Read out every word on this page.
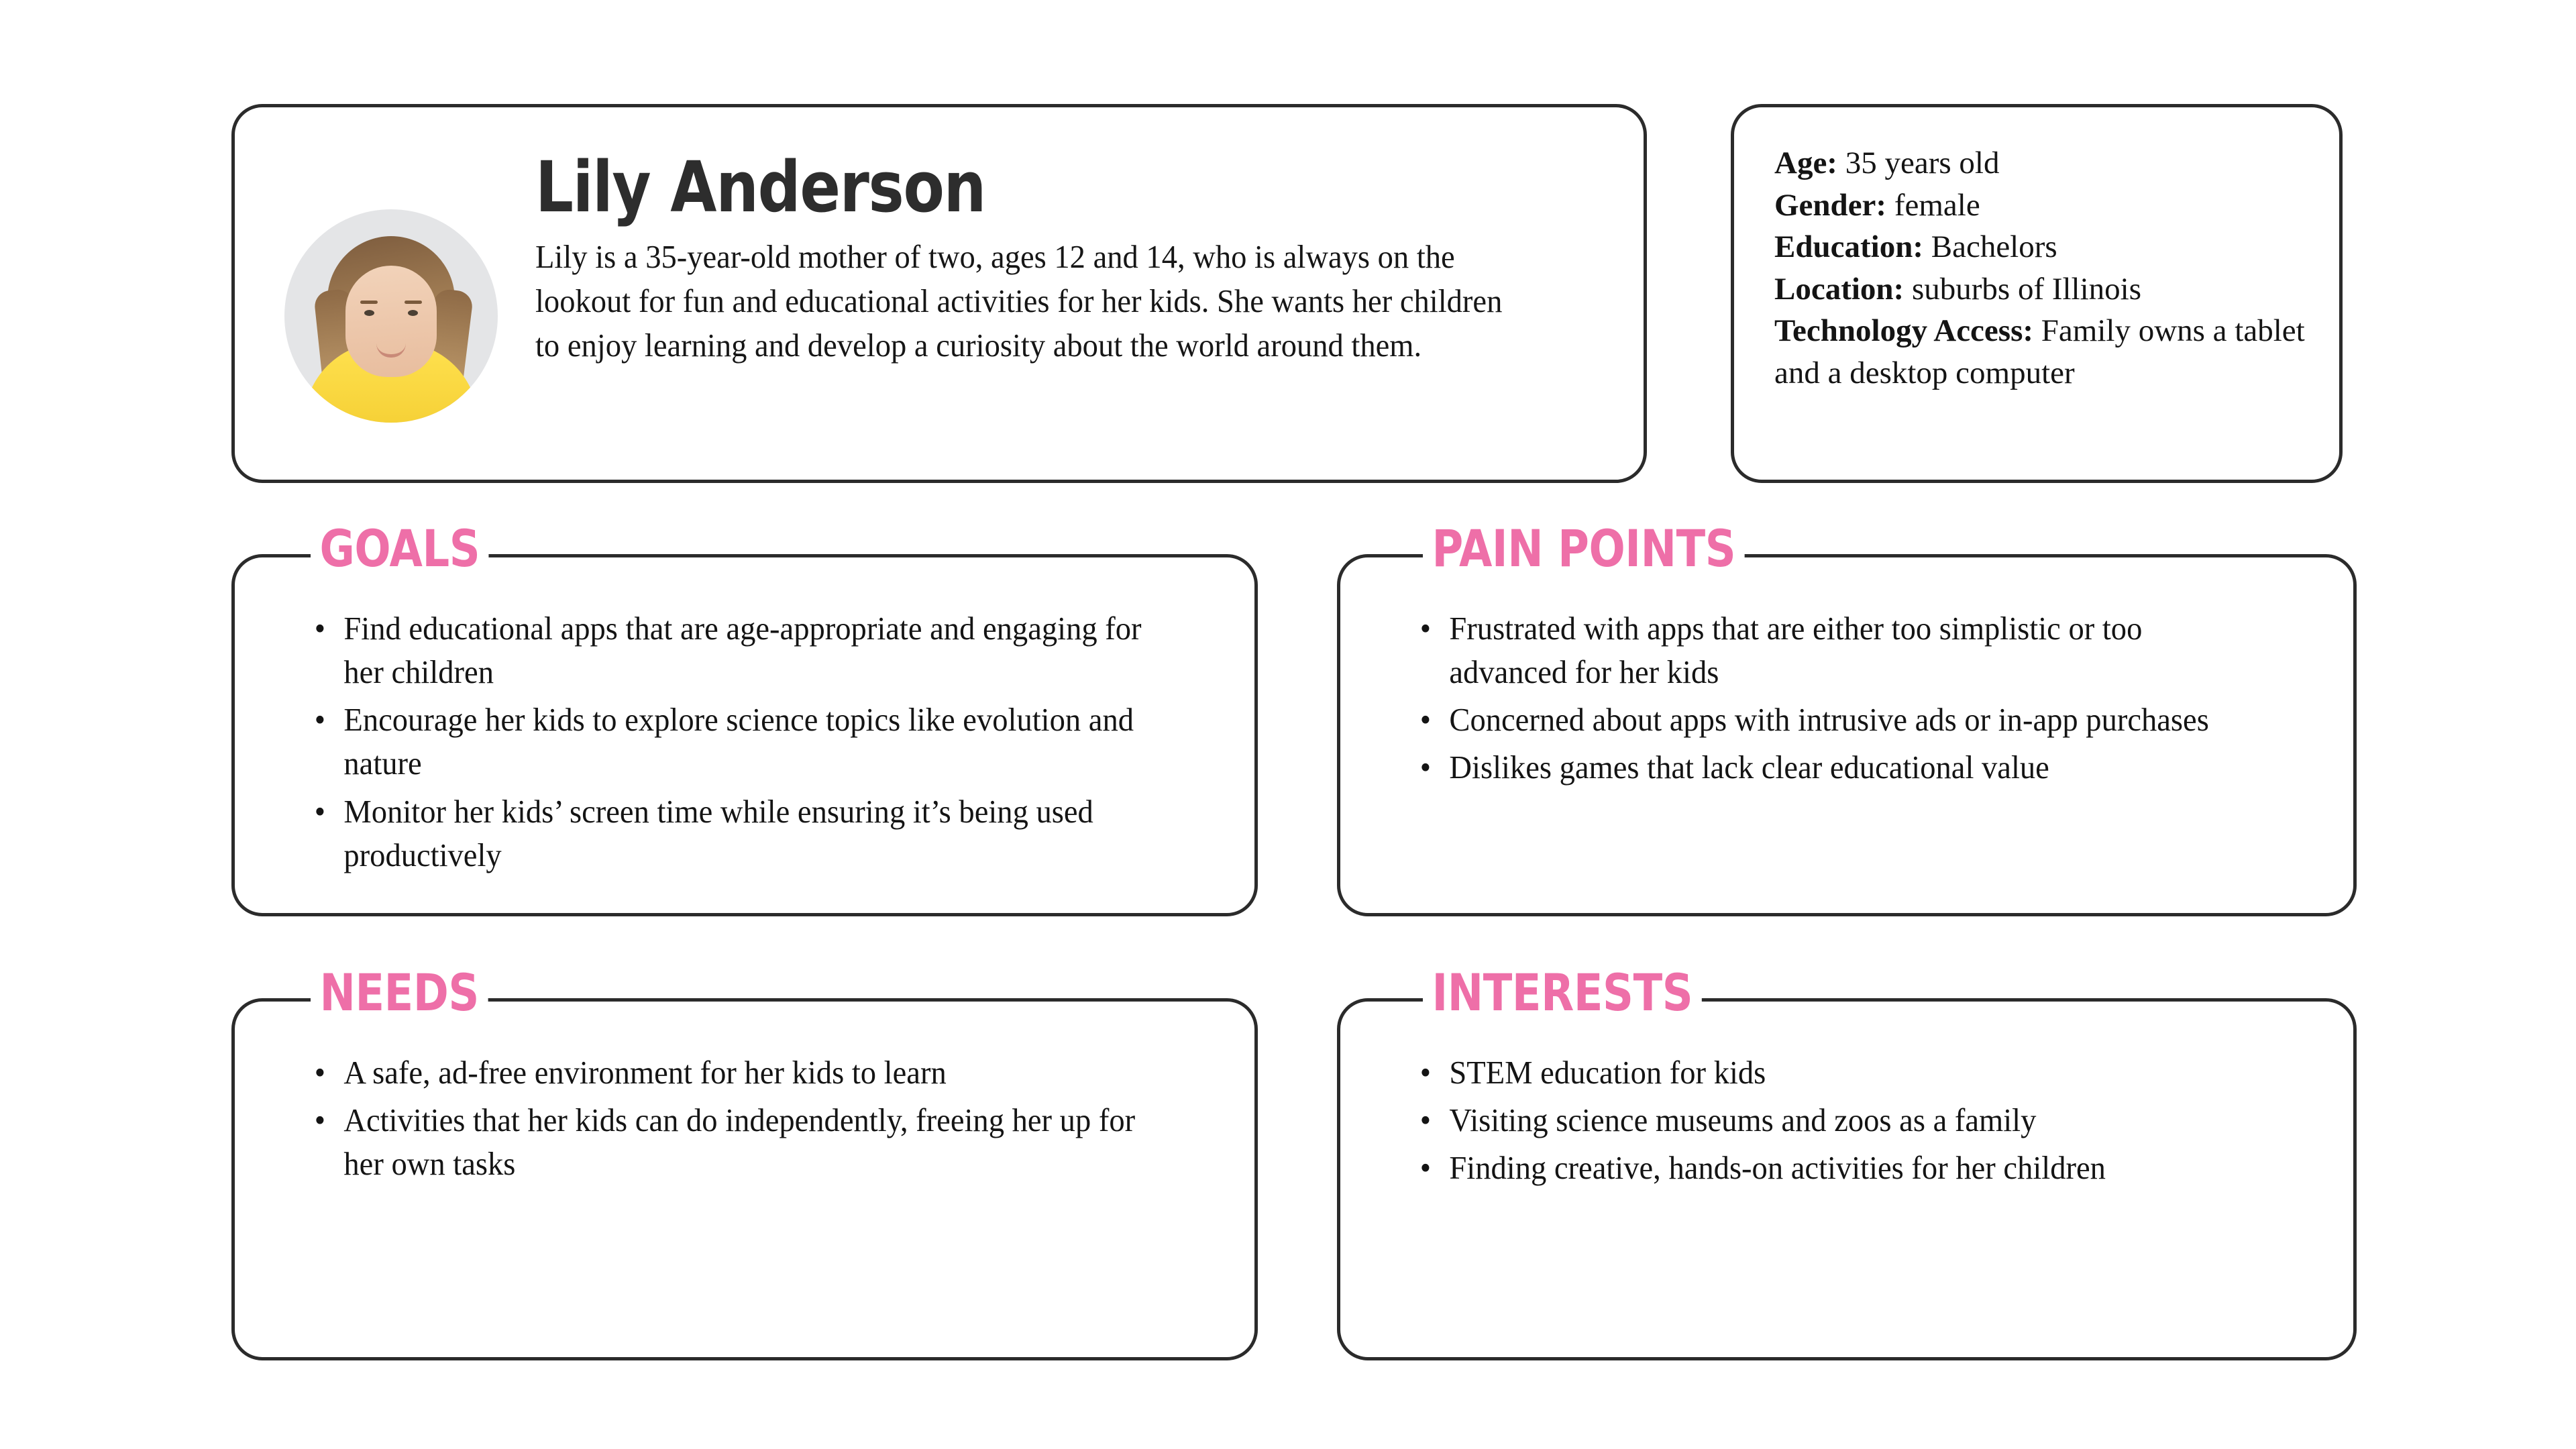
Lily Anderson

Lily is a 35-year-old mother of two, ages 12 and 14, who is always on the lookout for fun and educational activities for her kids. She wants her children to enjoy learning and develop a curiosity about the world around them.

Age: 35 years old
Gender: female
Education: Bachelors
Location: suburbs of Illinois
Technology Access: Family owns a tablet and a desktop computer
GOALS
• Find educational apps that are age-appropriate and engaging for her children
• Encourage her kids to explore science topics like evolution and nature
• Monitor her kids’ screen time while ensuring it’s being used productively
PAIN POINTS
• Frustrated with apps that are either too simplistic or too advanced for her kids
• Concerned about apps with intrusive ads or in-app purchases
• Dislikes games that lack clear educational value
NEEDS
• A safe, ad-free environment for her kids to learn
• Activities that her kids can do independently, freeing her up for her own tasks
INTERESTS
• STEM education for kids
• Visiting science museums and zoos as a family
• Finding creative, hands-on activities for her children
